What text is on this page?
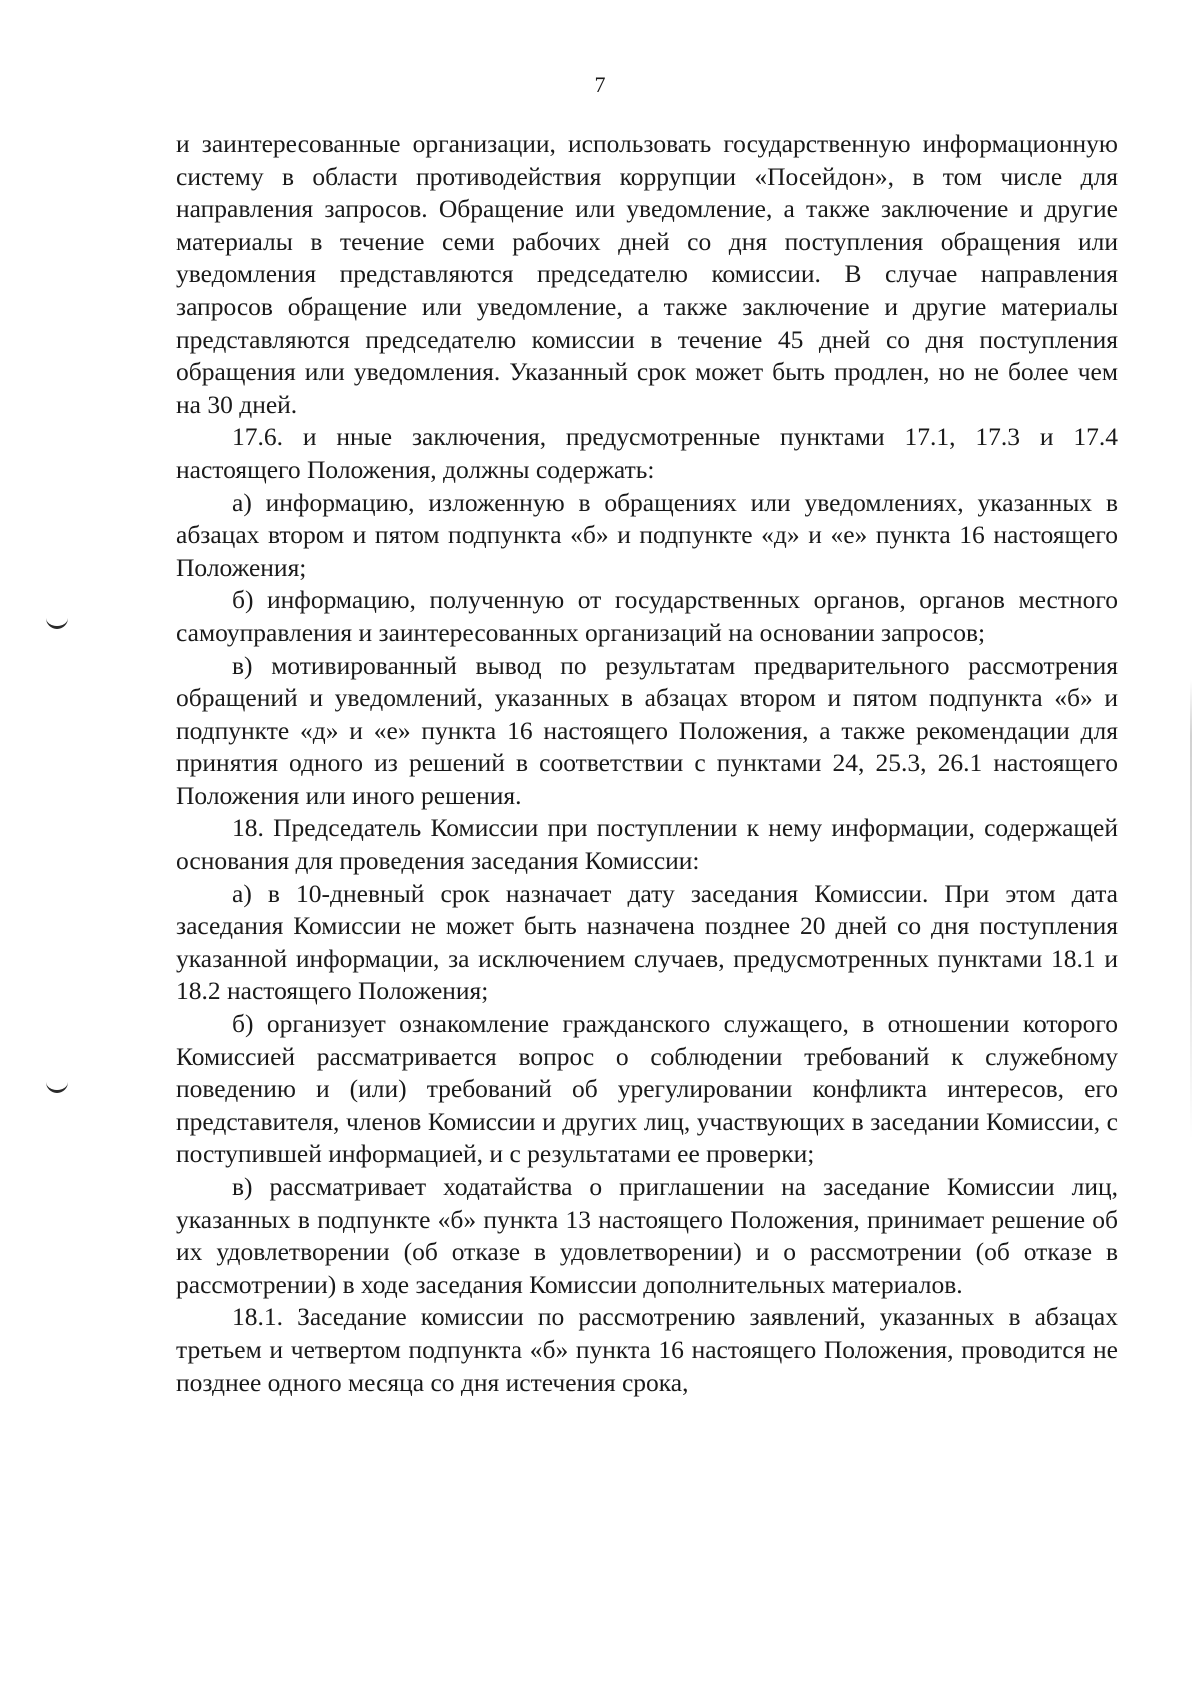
7

и заинтересованные организации, использовать государственную информационную систему в области противодействия коррупции «Посейдон», в том числе для направления запросов. Обращение или уведомление, а также заключение и другие материалы в течение семи рабочих дней со дня поступления обращения или уведомления представляются председателю комиссии. В случае направления запросов обращение или уведомление, а также заключение и другие материалы представляются председателю комиссии в течение 45 дней со дня поступления обращения или уведомления. Указанный срок может быть продлен, но не более чем на 30 дней.

17.6. и нные заключения, предусмотренные пунктами 17.1, 17.3 и 17.4 настоящего Положения, должны содержать:

а) информацию, изложенную в обращениях или уведомлениях, указанных в абзацах втором и пятом подпункта «б» и подпункте «д» и «е» пункта 16 настоящего Положения;

б) информацию, полученную от государственных органов, органов местного самоуправления и заинтересованных организаций на основании запросов;

в) мотивированный вывод по результатам предварительного рассмотрения обращений и уведомлений, указанных в абзацах втором и пятом подпункта «б» и подпункте «д» и «е» пункта 16 настоящего Положения, а также рекомендации для принятия одного из решений в соответствии с пунктами 24, 25.3, 26.1 настоящего Положения или иного решения.

18. Председатель Комиссии при поступлении к нему информации, содержащей основания для проведения заседания Комиссии:

а) в 10-дневный срок назначает дату заседания Комиссии. При этом дата заседания Комиссии не может быть назначена позднее 20 дней со дня поступления указанной информации, за исключением случаев, предусмотренных пунктами 18.1 и 18.2 настоящего Положения;

б) организует ознакомление гражданского служащего, в отношении которого Комиссией рассматривается вопрос о соблюдении требований к служебному поведению и (или) требований об урегулировании конфликта интересов, его представителя, членов Комиссии и других лиц, участвующих в заседании Комиссии, с поступившей информацией, и с результатами ее проверки;

в) рассматривает ходатайства о приглашении на заседание Комиссии лиц, указанных в подпункте «б» пункта 13 настоящего Положения, принимает решение об их удовлетворении (об отказе в удовлетворении) и о рассмотрении (об отказе в рассмотрении) в ходе заседания Комиссии дополнительных материалов.

18.1. Заседание комиссии по рассмотрению заявлений, указанных в абзацах третьем и четвертом подпункта «б» пункта 16 настоящего Положения, проводится не позднее одного месяца со дня истечения срока,
